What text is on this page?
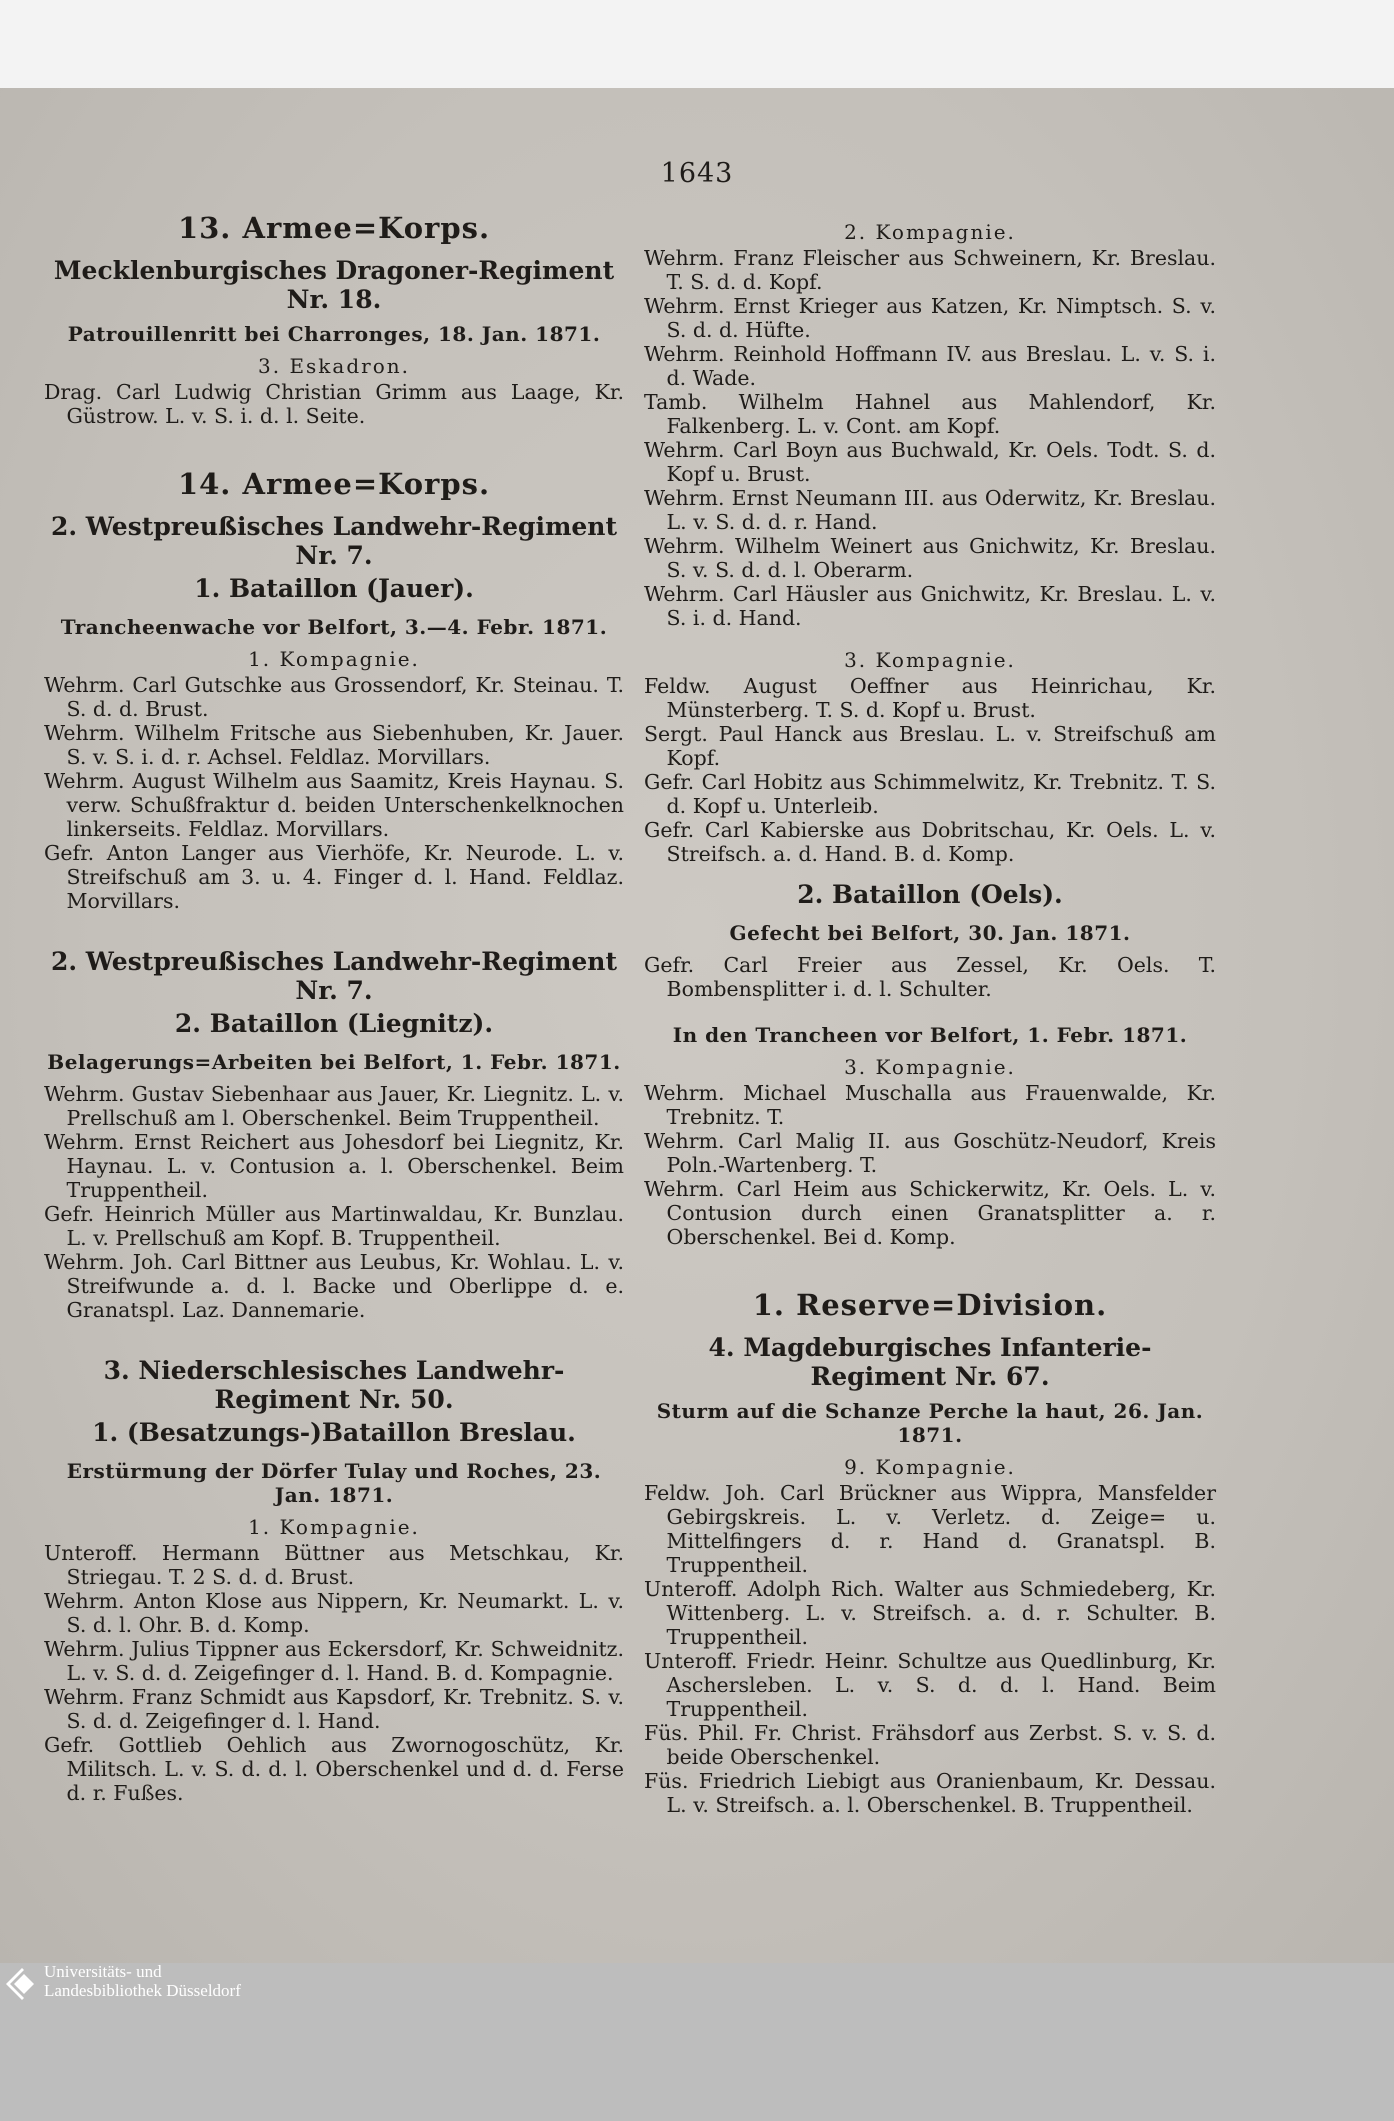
1643
13. Armee=Korps.
Mecklenburgisches Dragoner-Regiment Nr. 18.
Patrouillenritt bei Charronges, 18. Jan. 1871.
3. Eskadron.

Drag. Carl Ludwig Christian Grimm aus Laage, Kr. Güstrow. L. v. S. i. d. l. Seite.

14. Armee=Korps.
2. Westpreußisches Landwehr-Regiment Nr. 7.
1. Bataillon (Jauer).
Trancheenwache vor Belfort, 3.—4. Febr. 1871.
1. Kompagnie.

Wehrm. Carl Gutschke aus Grossendorf, Kr. Steinau. T. S. d. d. Brust.

Wehrm. Wilhelm Fritsche aus Siebenhuben, Kr. Jauer. S. v. S. i. d. r. Achsel. Feldlaz. Morvillars.

Wehrm. August Wilhelm aus Saamitz, Kreis Haynau. S. verw. Schußfraktur d. beiden Unterschenkelknochen linkerseits. Feldlaz. Morvillars.

Gefr. Anton Langer aus Vierhöfe, Kr. Neurode. L. v. Streifschuß am 3. u. 4. Finger d. l. Hand. Feldlaz. Morvillars.

2. Westpreußisches Landwehr-Regiment Nr. 7.
2. Bataillon (Liegnitz).
Belagerungs=Arbeiten bei Belfort, 1. Febr. 1871.

Wehrm. Gustav Siebenhaar aus Jauer, Kr. Liegnitz. L. v. Prellschuß am l. Oberschenkel. Beim Truppentheil.

Wehrm. Ernst Reichert aus Johesdorf bei Liegnitz, Kr. Haynau. L. v. Contusion a. l. Oberschenkel. Beim Truppentheil.

Gefr. Heinrich Müller aus Martinwaldau, Kr. Bunzlau. L. v. Prellschuß am Kopf. B. Truppentheil.

Wehrm. Joh. Carl Bittner aus Leubus, Kr. Wohlau. L. v. Streifwunde a. d. l. Backe und Oberlippe d. e. Granatspl. Laz. Dannemarie.

3. Niederschlesisches Landwehr-Regiment Nr. 50.
1. (Besatzungs-)Bataillon Breslau.
Erstürmung der Dörfer Tulay und Roches, 23. Jan. 1871.
1. Kompagnie.

Unteroff. Hermann Büttner aus Metschkau, Kr. Striegau. T. 2 S. d. d. Brust.

Wehrm. Anton Klose aus Nippern, Kr. Neumarkt. L. v. S. d. l. Ohr. B. d. Komp.

Wehrm. Julius Tippner aus Eckersdorf, Kr. Schweidnitz. L. v. S. d. d. Zeigefinger d. l. Hand. B. d. Kompagnie.

Wehrm. Franz Schmidt aus Kapsdorf, Kr. Trebnitz. S. v. S. d. d. Zeigefinger d. l. Hand.

Gefr. Gottlieb Oehlich aus Zwornogoschütz, Kr. Militsch. L. v. S. d. d. l. Oberschenkel und d. d. Ferse d. r. Fußes.

2. Kompagnie.

Wehrm. Franz Fleischer aus Schweinern, Kr. Breslau. T. S. d. d. Kopf.

Wehrm. Ernst Krieger aus Katzen, Kr. Nimptsch. S. v. S. d. d. Hüfte.

Wehrm. Reinhold Hoffmann IV. aus Breslau. L. v. S. i. d. Wade.

Tamb. Wilhelm Hahnel aus Mahlendorf, Kr. Falkenberg. L. v. Cont. am Kopf.

Wehrm. Carl Boyn aus Buchwald, Kr. Oels. Todt. S. d. Kopf u. Brust.

Wehrm. Ernst Neumann III. aus Oderwitz, Kr. Breslau. L. v. S. d. d. r. Hand.

Wehrm. Wilhelm Weinert aus Gnichwitz, Kr. Breslau. S. v. S. d. d. l. Oberarm.

Wehrm. Carl Häusler aus Gnichwitz, Kr. Breslau. L. v. S. i. d. Hand.

3. Kompagnie.

Feldw. August Oeffner aus Heinrichau, Kr. Münsterberg. T. S. d. Kopf u. Brust.

Sergt. Paul Hanck aus Breslau. L. v. Streifschuß am Kopf.

Gefr. Carl Hobitz aus Schimmelwitz, Kr. Trebnitz. T. S. d. Kopf u. Unterleib.

Gefr. Carl Kabierske aus Dobritschau, Kr. Oels. L. v. Streifsch. a. d. Hand. B. d. Komp.

2. Bataillon (Oels).
Gefecht bei Belfort, 30. Jan. 1871.

Gefr. Carl Freier aus Zessel, Kr. Oels. T. Bombensplitter i. d. l. Schulter.

In den Trancheen vor Belfort, 1. Febr. 1871.
3. Kompagnie.

Wehrm. Michael Muschalla aus Frauenwalde, Kr. Trebnitz. T.

Wehrm. Carl Malig II. aus Goschütz-Neudorf, Kreis Poln.-Wartenberg. T.

Wehrm. Carl Heim aus Schickerwitz, Kr. Oels. L. v. Contusion durch einen Granatsplitter a. r. Oberschenkel. Bei d. Komp.

1. Reserve=Division.
4. Magdeburgisches Infanterie-Regiment Nr. 67.
Sturm auf die Schanze Perche la haut, 26. Jan. 1871.
9. Kompagnie.

Feldw. Joh. Carl Brückner aus Wippra, Mansfelder Gebirgskreis. L. v. Verletz. d. Zeige= u. Mittelfingers d. r. Hand d. Granatspl. B. Truppentheil.

Unteroff. Adolph Rich. Walter aus Schmiedeberg, Kr. Wittenberg. L. v. Streifsch. a. d. r. Schulter. B. Truppentheil.

Unteroff. Friedr. Heinr. Schultze aus Quedlinburg, Kr. Aschersleben. L. v. S. d. d. l. Hand. Beim Truppentheil.

Füs. Phil. Fr. Christ. Frähsdorf aus Zerbst. S. v. S. d. beide Oberschenkel.

Füs. Friedrich Liebigt aus Oranienbaum, Kr. Dessau. L. v. Streifsch. a. l. Oberschenkel. B. Truppentheil.

Universitäts- und
Landesbibliothek Düsseldorf
